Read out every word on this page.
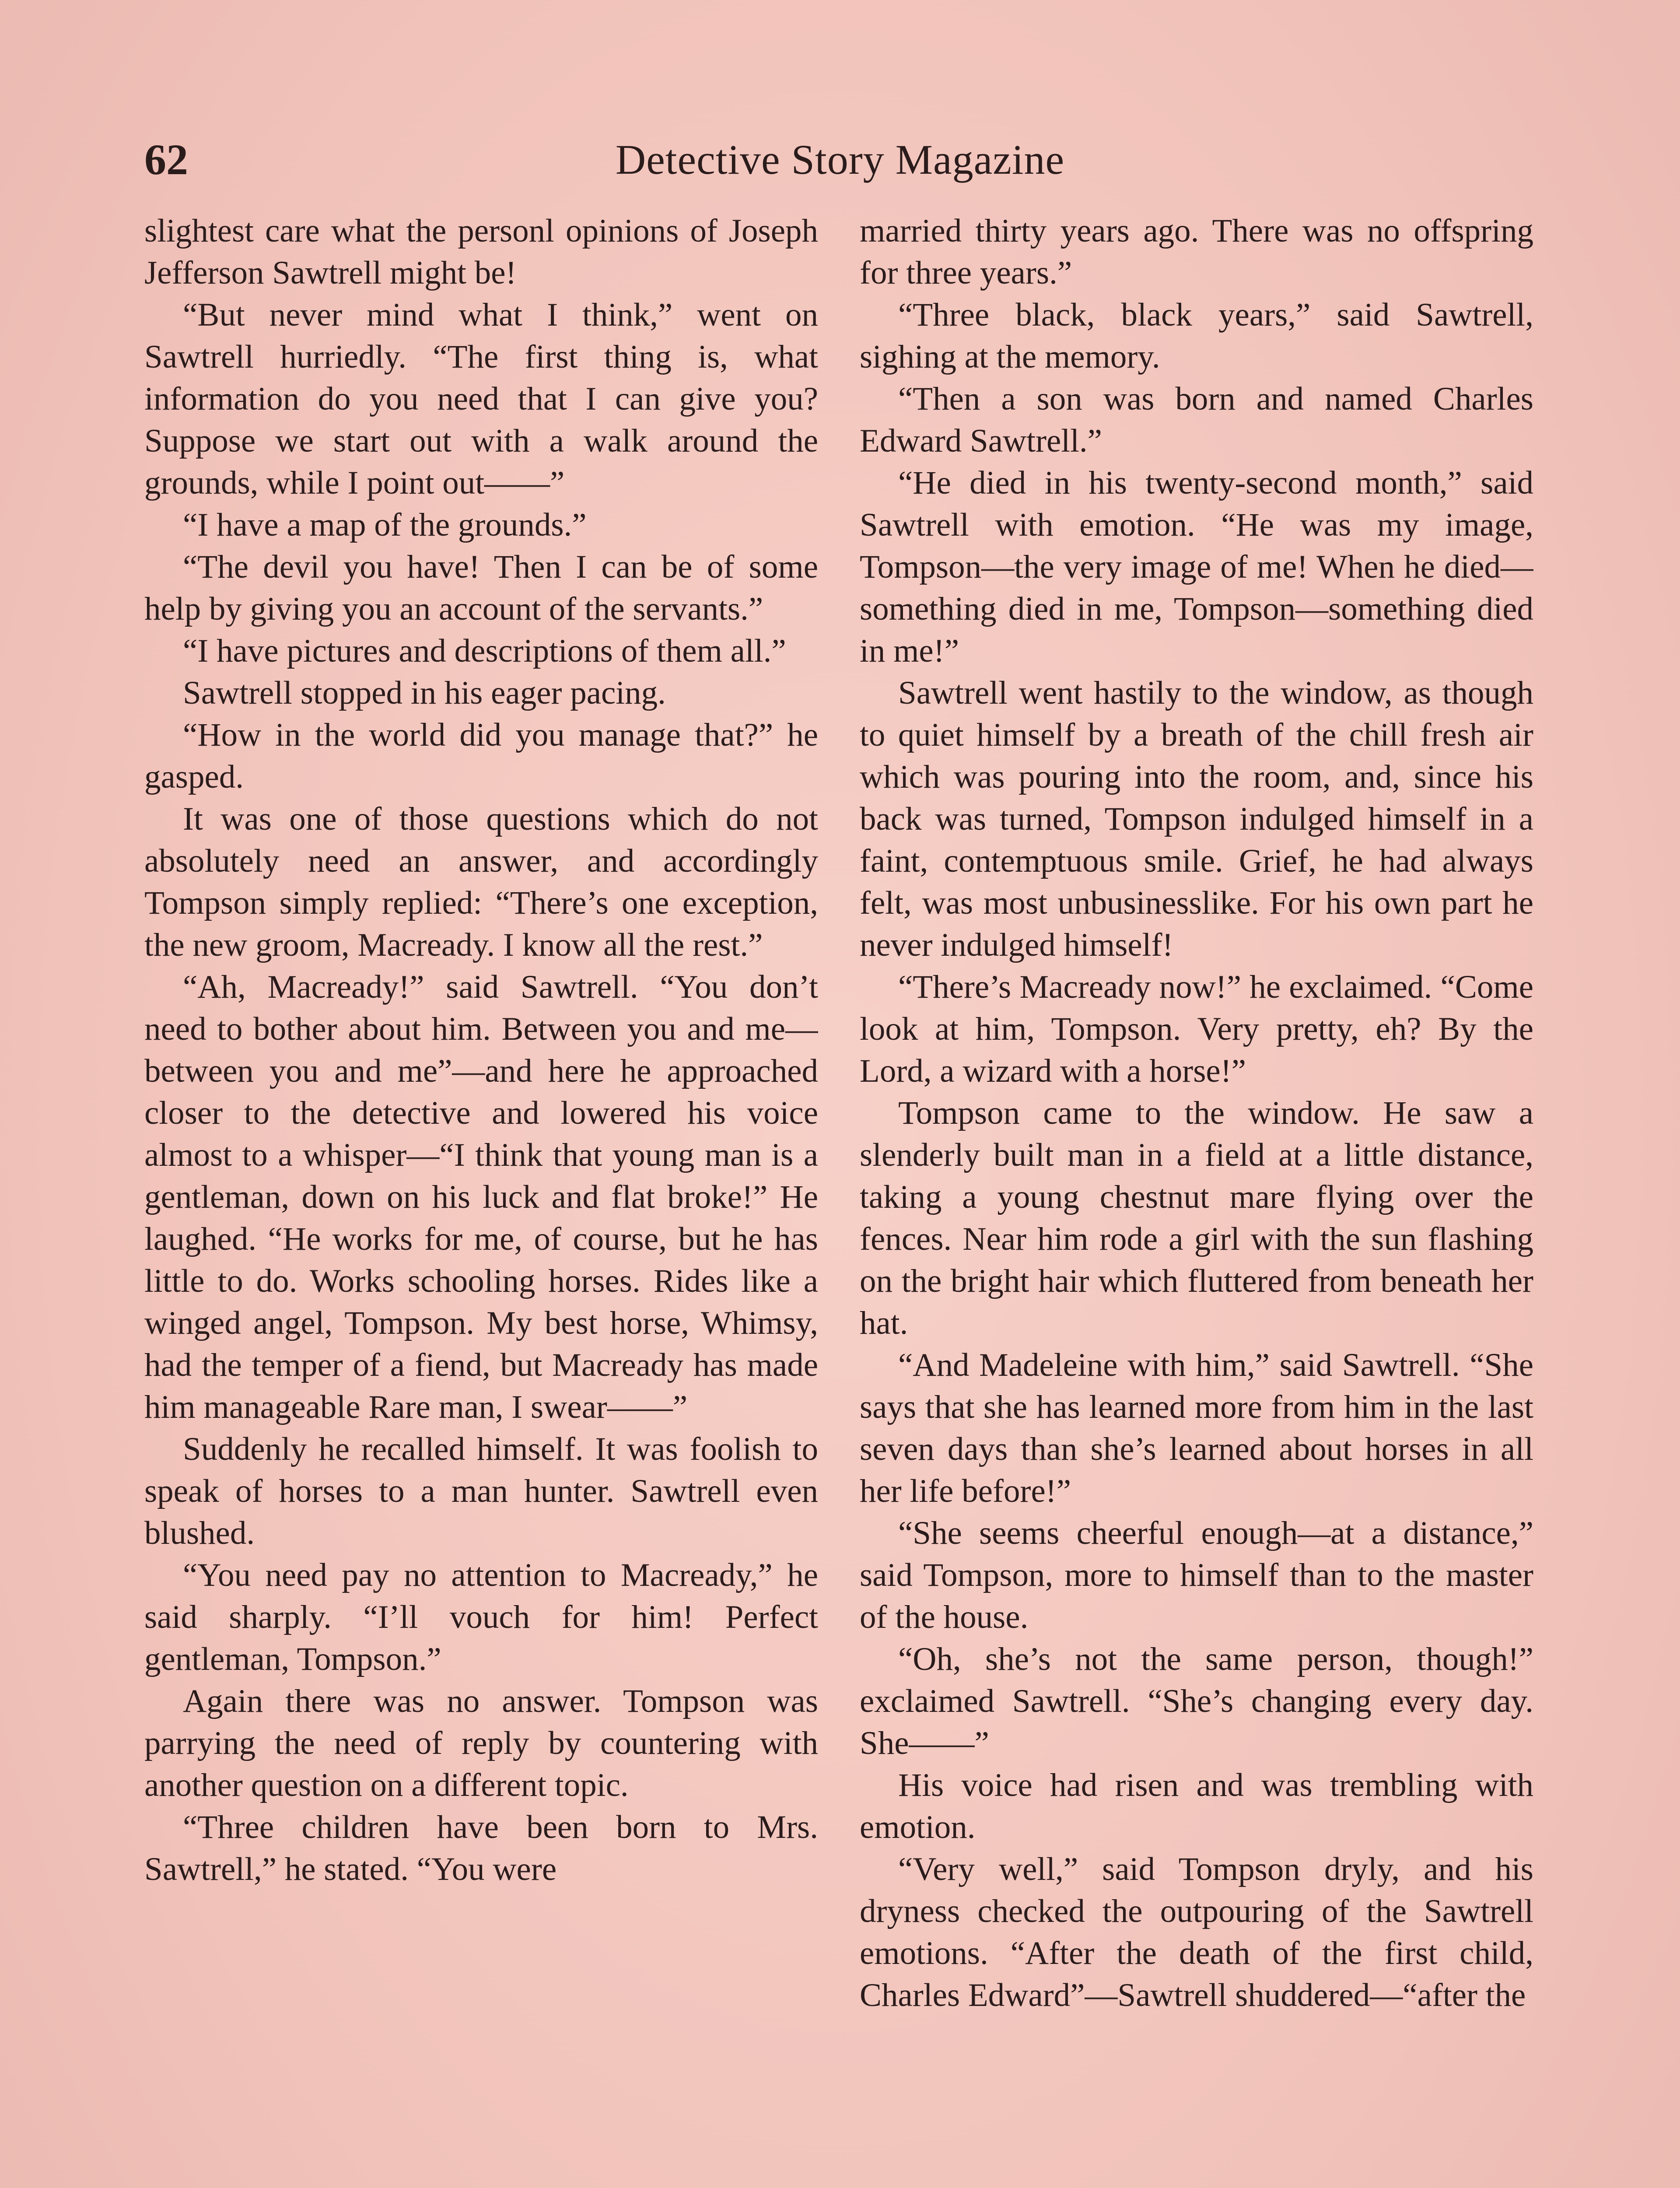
62	Detective Story Magazine

slightest care what the personl opinions of Joseph Jefferson Sawtrell might be!

“But never mind what I think,” went on Sawtrell hurriedly. “The first thing is, what information do you need that I can give you? Suppose we start out with a walk around the grounds, while I point out——”

“I have a map of the grounds.”

“The devil you have! Then I can be of some help by giving you an account of the servants.”

“I have pictures and descriptions of them all.”

Sawtrell stopped in his eager pacing.

“How in the world did you manage that?” he gasped.

It was one of those questions which do not absolutely need an answer, and accordingly Tompson simply replied: “There’s one exception, the new groom, Macready. I know all the rest.”

“Ah, Macready!” said Sawtrell. “You don’t need to bother about him. Between you and me—between you and me”—and here he approached closer to the detective and lowered his voice almost to a whisper—“I think that young man is a gentleman, down on his luck and flat broke!” He laughed. “He works for me, of course, but he has little to do. Works schooling horses. Rides like a winged angel, Tompson. My best horse, Whimsy, had the temper of a fiend, but Macready has made him manageable Rare man, I swear——”

Suddenly he recalled himself. It was foolish to speak of horses to a man hunter. Sawtrell even blushed.

“You need pay no attention to Macready,” he said sharply. “I’ll vouch for him! Perfect gentleman, Tompson.”

Again there was no answer. Tompson was parrying the need of reply by countering with another question on a different topic.

“Three children have been born to Mrs. Sawtrell,” he stated. “You were

married thirty years ago. There was no offspring for three years.”

“Three black, black years,” said Sawtrell, sighing at the memory.

“Then a son was born and named Charles Edward Sawtrell.”

“He died in his twenty-second month,” said Sawtrell with emotion. “He was my image, Tompson—the very image of me! When he died—something died in me, Tompson—something died in me!”

Sawtrell went hastily to the window, as though to quiet himself by a breath of the chill fresh air which was pouring into the room, and, since his back was turned, Tompson indulged himself in a faint, contemptuous smile. Grief, he had always felt, was most unbusinesslike. For his own part he never indulged himself!

“There’s Macready now!” he exclaimed. “Come look at him, Tompson. Very pretty, eh? By the Lord, a wizard with a horse!”

Tompson came to the window. He saw a slenderly built man in a field at a little distance, taking a young chestnut mare flying over the fences. Near him rode a girl with the sun flashing on the bright hair which fluttered from beneath her hat.

“And Madeleine with him,” said Sawtrell. “She says that she has learned more from him in the last seven days than she’s learned about horses in all her life before!”

“She seems cheerful enough—at a distance,” said Tompson, more to himself than to the master of the house.

“Oh, she’s not the same person, though!” exclaimed Sawtrell. “She’s changing every day. She——”

His voice had risen and was trembling with emotion.

“Very well,” said Tompson dryly, and his dryness checked the outpouring of the Sawtrell emotions. “After the death of the first child, Charles Edward”—Sawtrell shuddered—“after the
